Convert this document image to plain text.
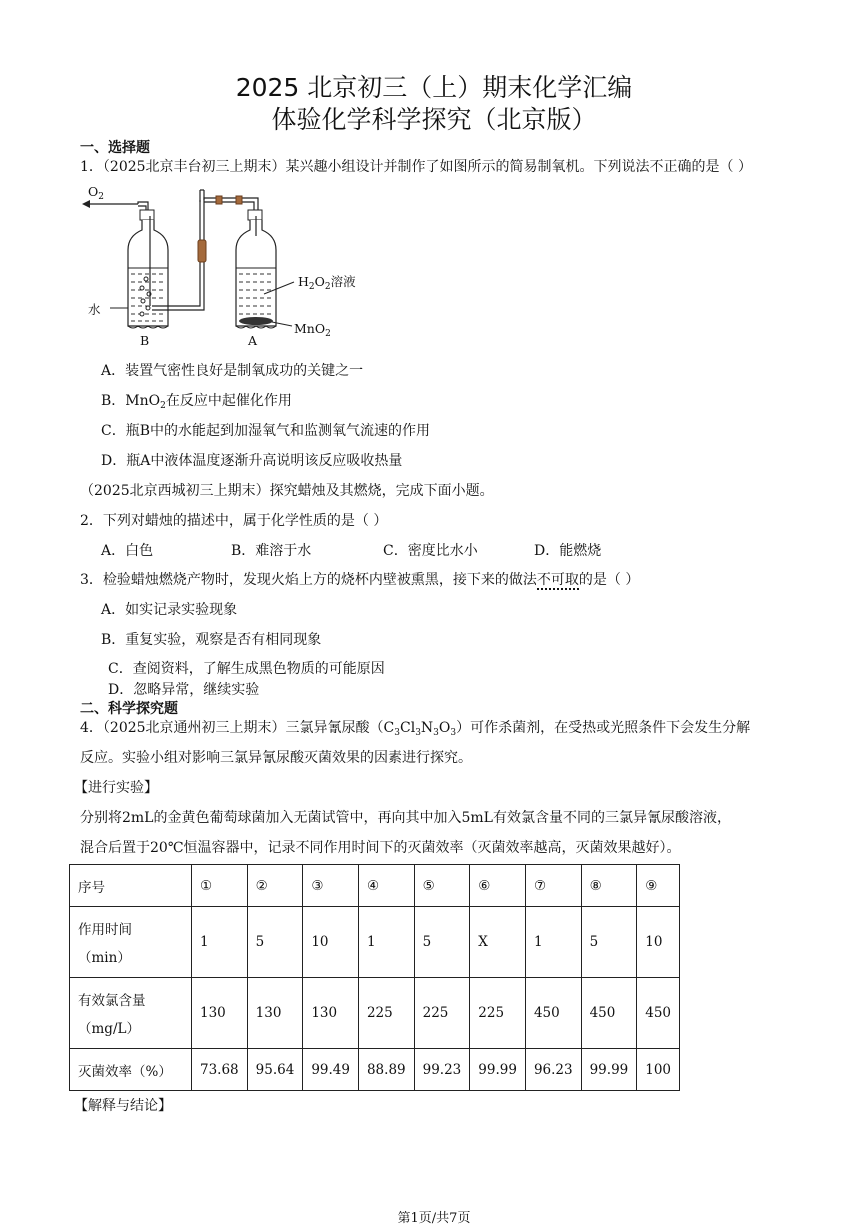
2025 北京初三（上）期末化学汇编
体验化学科学探究（北京版）
一、选择题
1．（2025北京丰台初三上期末）某兴趣小组设计并制作了如图所示的简易制氧机。下列说法不正确的是（ ）
$O_2$
水
$H_2O_2$溶液
MnO$_2$
B	A
A．装置气密性良好是制氧成功的关键之一
B．MnO$_2$在反应中起催化作用
C．瓶B中的水能起到加湿氧气和监测氧气流速的作用
D．瓶A中液体温度逐渐升高说明该反应吸收热量
（2025北京西城初三上期末）探究蜡烛及其燃烧，完成下面小题。
2．下列对蜡烛的描述中，属于化学性质的是（ ）
A．白色	B．难溶于水	C．密度比水小	D．能燃烧
3．检验蜡烛燃烧产物时，发现火焰上方的烧杯内壁被熏黑，接下来的做法不可取的是（ ）
A．如实记录实验现象
B．重复实验，观察是否有相同现象
C．查阅资料，了解生成黑色物质的可能原因
D．忽略异常，继续实验
二、科学探究题
4．（2025北京通州初三上期末）三氯异氰尿酸$(C_3Cl_3N_3O_3)$可作杀菌剂，在受热或光照条件下会发生分解
反应。实验小组对影响三氯异氰尿酸灭菌效果的因素进行探究。
【进行实验】
分别将2mL的金黄色葡萄球菌加入无菌试管中，再向其中加入5mL有效氯含量不同的三氯异氰尿酸溶液，
混合后置于20℃恒温容器中，记录不同作用时间下的灭菌效率（灭菌效率越高，灭菌效果越好）。
序号	①	②	③	④	⑤	⑥	⑦	⑧	⑨

作用时间
（min）	1	5	10	1	5	X	1	5	10

有效氯含量
（mg/L）	130	130	130	225	225	225	450	450	450
灭菌效率（%）	73.68	95.64	99.49	88.89	99.23	99.99	96.23	99.99	100
【解释与结论】
第1页/共7页
